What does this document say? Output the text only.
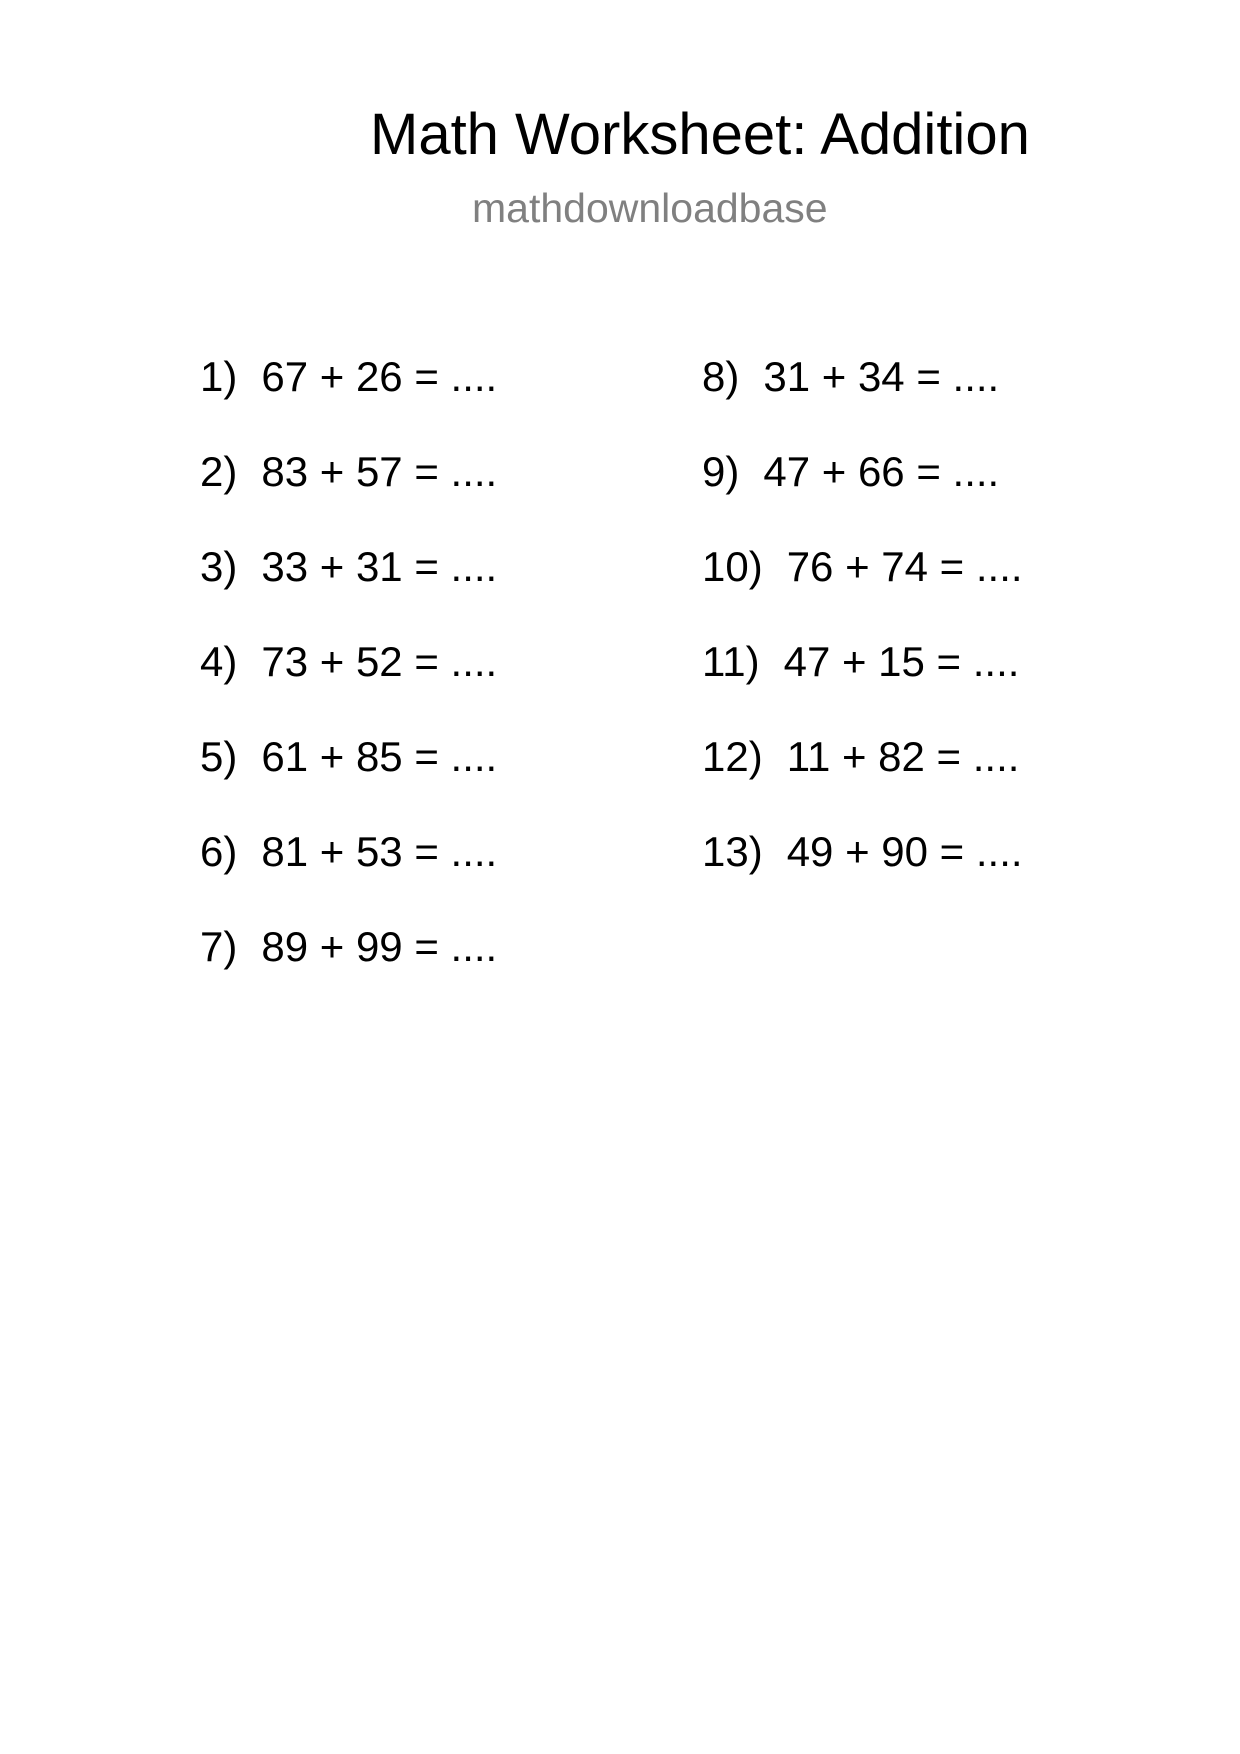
Math Worksheet: Addition
mathdownloadbase
1) 67 + 26 = ....
2) 83 + 57 = ....
3) 33 + 31 = ....
4) 73 + 52 = ....
5) 61 + 85 = ....
6) 81 + 53 = ....
7) 89 + 99 = ....
8) 31 + 34 = ....
9) 47 + 66 = ....
10) 76 + 74 = ....
11) 47 + 15 = ....
12) 11 + 82 = ....
13) 49 + 90 = ....
